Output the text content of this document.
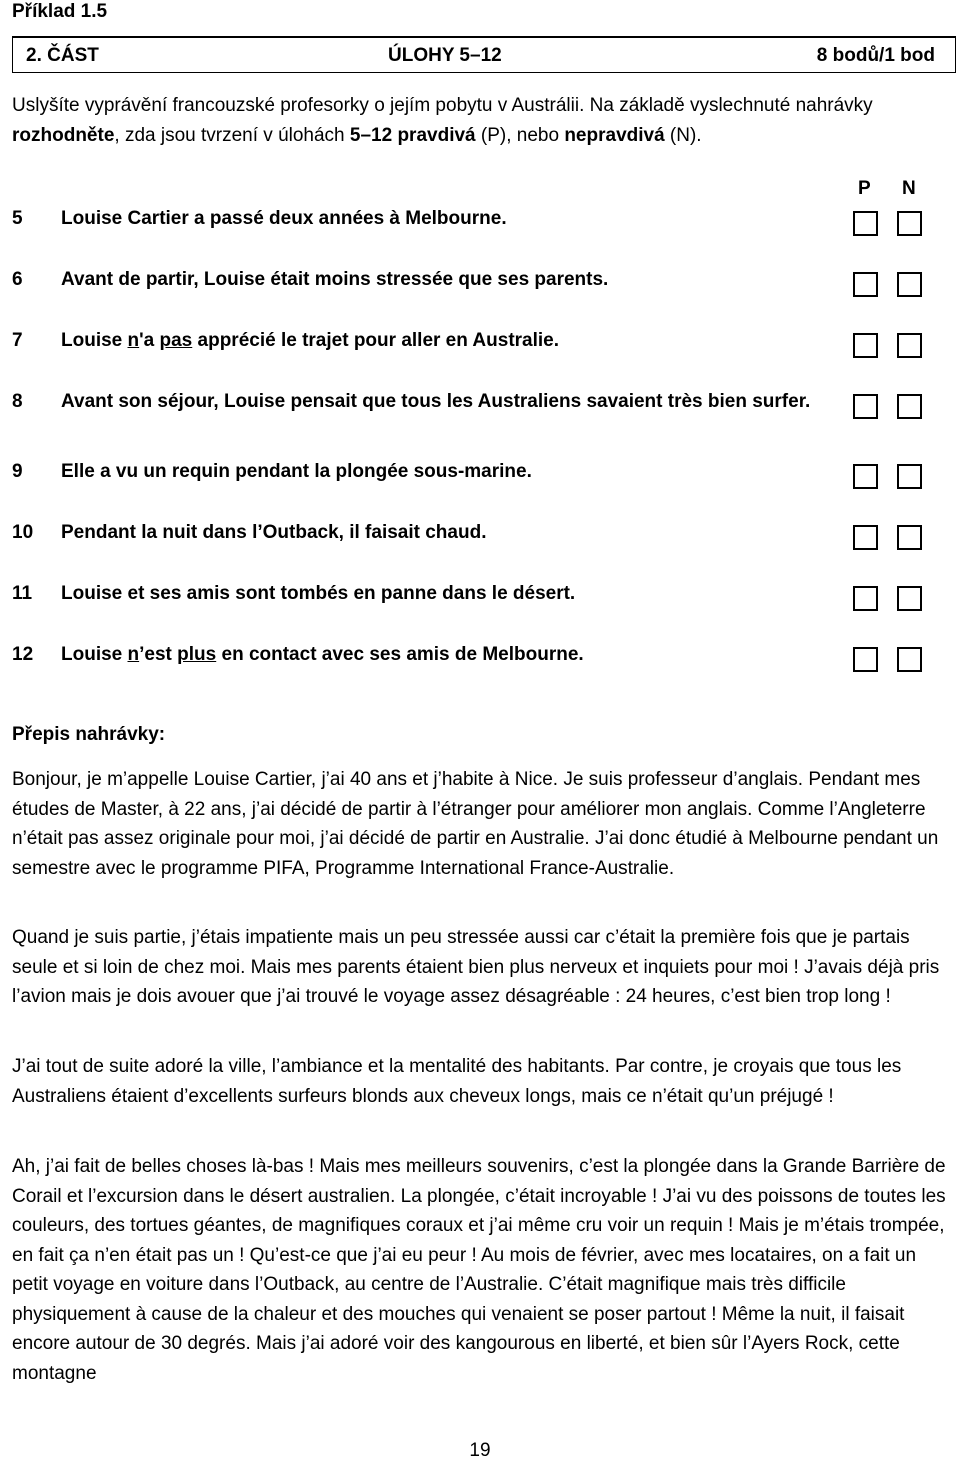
Příklad 1.5
2. ČÁST	ÚLOHY 5–12	8 bodů/1 bod
Uslyšíte vyprávění francouzské profesorky o jejím pobytu v Austrálii. Na základě vyslechnuté nahrávky rozhodněte, zda jsou tvrzení v úlohách 5–12 pravdivá (P), nebo nepravdivá (N).
P N
5 Louise Cartier a passé deux années à Melbourne.
6 Avant de partir, Louise était moins stressée que ses parents.
7 Louise n'a pas apprécié le trajet pour aller en Australie.
8 Avant son séjour, Louise pensait que tous les Australiens savaient très bien surfer.
9 Elle a vu un requin pendant la plongée sous-marine.
10 Pendant la nuit dans l’Outback, il faisait chaud.
11 Louise et ses amis sont tombés en panne dans le désert.
12 Louise n’est plus en contact avec ses amis de Melbourne.
Přepis nahrávky:
Bonjour, je m’appelle Louise Cartier, j’ai 40 ans et j’habite à Nice. Je suis professeur d’anglais. Pendant mes études de Master, à 22 ans, j’ai décidé de partir à l’étranger pour améliorer mon anglais. Comme l’Angleterre n’était pas assez originale pour moi, j’ai décidé de partir en Australie. J’ai donc étudié à Melbourne pendant un semestre avec le programme PIFA, Programme International France-Australie.
Quand je suis partie, j’étais impatiente mais un peu stressée aussi car c’était la première fois que je partais seule et si loin de chez moi. Mais mes parents étaient bien plus nerveux et inquiets pour moi ! J’avais déjà pris l’avion mais je dois avouer que j’ai trouvé le voyage assez désagréable : 24 heures, c’est bien trop long !
J’ai tout de suite adoré la ville, l’ambiance et la mentalité des habitants. Par contre, je croyais que tous les Australiens étaient d’excellents surfeurs blonds aux cheveux longs, mais ce n’était qu’un préjugé !
Ah, j’ai fait de belles choses là-bas ! Mais mes meilleurs souvenirs, c’est la plongée dans la Grande Barrière de Corail et l’excursion dans le désert australien. La plongée, c’était incroyable ! J’ai vu des poissons de toutes les couleurs, des tortues géantes, de magnifiques coraux et j’ai même cru voir un requin ! Mais je m’étais trompée, en fait ça n’en était pas un ! Qu’est-ce que j’ai eu peur ! Au mois de février, avec mes locataires, on a fait un petit voyage en voiture dans l’Outback, au centre de l’Australie. C’était magnifique mais très difficile physiquement à cause de la chaleur et des mouches qui venaient se poser partout ! Même la nuit, il faisait encore autour de 30 degrés. Mais j’ai adoré voir des kangourous en liberté, et bien sûr l’Ayers Rock, cette montagne
19
